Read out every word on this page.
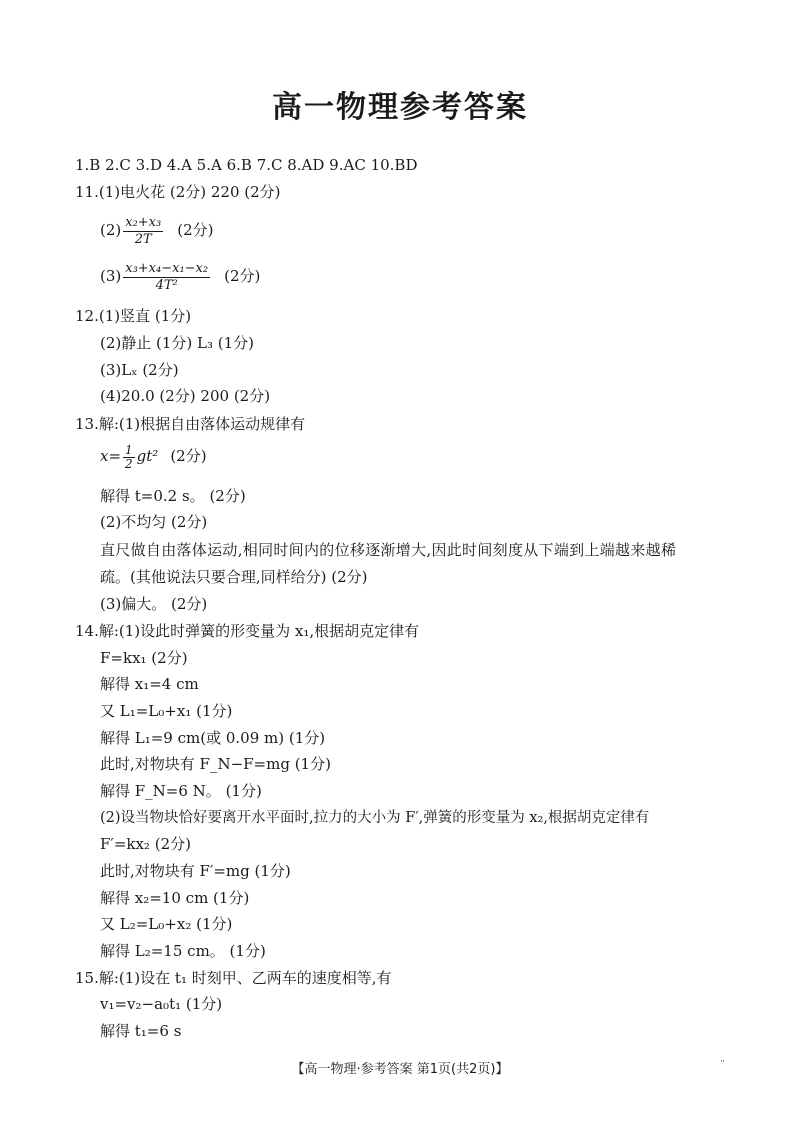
高一物理参考答案
1.B 2.C 3.D 4.A 5.A 6.B 7.C 8.AD 9.AC 10.BD
11.(1)电火花 (2分) 220 (2分)
$(2) \frac{\text{x₂+x₃}}{2T} (2$分)
$(3) \frac{\text{x₃+x₄−x₁−x₂}}{\text{4T²}} (2$分)
12.(1)竖直 (1分)
(2)静止 (1分) L₃ (1分)
(3)Lₓ (2分)
(4)20.0 (2分) 200 (2分)
13.解:(1)根据自由落体运动规律有
$x= \frac{1}{2} gt^2$ (2分)
解得 t=0.2 s。 (2分)
(2)不均匀 (2分)
直尺做自由落体运动,相同时间内的位移逐渐增大,因此时间刻度从下端到上端越来越稀
疏。(其他说法只要合理,同样给分) (2分)
(3)偏大。 (2分)
14.解:(1)设此时弹簧的形变量为 x₁,根据胡克定律有
F=kx₁ (2分)
解得 x₁=4 cm
又 L₁=L₀+x₁ (1分)
解得 L₁=9 cm(或 0.09 m) (1分)
此时,对物块有 F_N−F=mg (1分)
解得 F_N=6 N。 (1分)
(2)设当物块恰好要离开水平面时,拉力的大小为 F′,弹簧的形变量为 x₂,根据胡克定律有
F′=kx₂ (2分)
此时,对物块有 F′=mg (1分)
解得 x₂=10 cm (1分)
又 L₂=L₀+x₂ (1分)
解得 L₂=15 cm。 (1分)
15.解:(1)设在 t₁ 时刻甲、乙两车的速度相等,有
v₁=v₂−a₀t₁ (1分)
解得 t₁=6 s
【高一物理·参考答案 第1页(共2页)】	¨
